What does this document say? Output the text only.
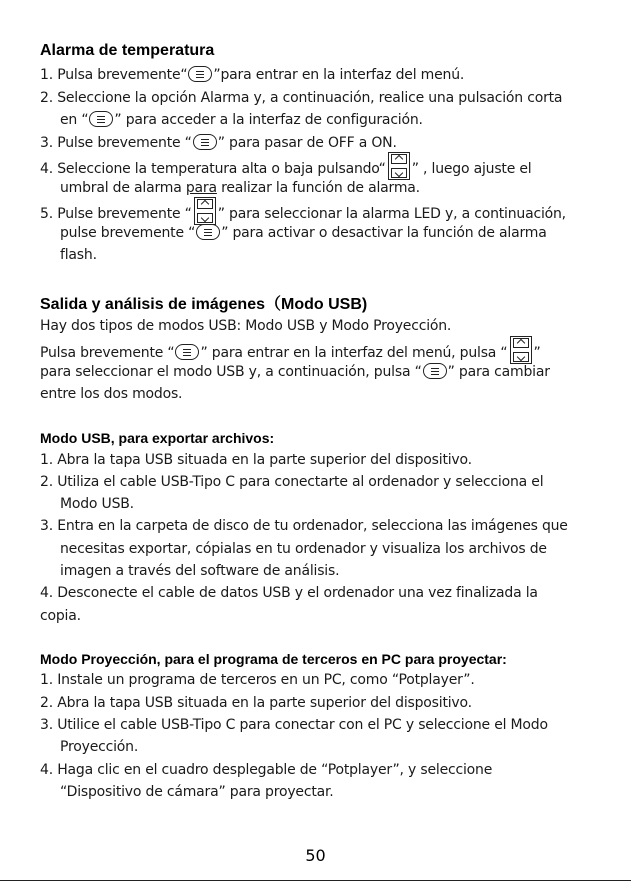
Alarma de temperatura
1. Pulsa brevemente“ ”para entrar en la interfaz del menú.
2. Seleccione la opción Alarma y, a continuación, realice una pulsación corta
en “ ” para acceder a la interfaz de configuración.
3. Pulse brevemente “ ” para pasar de OFF a ON.
4. Seleccione la temperatura alta o baja pulsando“ ” , luego ajuste el
umbral de alarma para realizar la función de alarma.
5. Pulse brevemente “ ” para seleccionar la alarma LED y, a continuación,
pulse brevemente “ ” para activar o desactivar la función de alarma
flash.
Salida y análisis de imágenes（Modo USB)
Hay dos tipos de modos USB: Modo USB y Modo Proyección.
Pulsa brevemente “ ” para entrar en la interfaz del menú, pulsa “ ”
para seleccionar el modo USB y, a continuación, pulsa “ ” para cambiar
entre los dos modos.
Modo USB, para exportar archivos:
1. Abra la tapa USB situada en la parte superior del dispositivo.
2. Utiliza el cable USB-Tipo C para conectarte al ordenador y selecciona el
Modo USB.
3. Entra en la carpeta de disco de tu ordenador, selecciona las imágenes que
necesitas exportar, cópialas en tu ordenador y visualiza los archivos de
imagen a través del software de análisis.
4. Desconecte el cable de datos USB y el ordenador una vez finalizada la
copia.
Modo Proyección, para el programa de terceros en PC para proyectar:
1. Instale un programa de terceros en un PC, como “Potplayer”.
2. Abra la tapa USB situada en la parte superior del dispositivo.
3. Utilice el cable USB-Tipo C para conectar con el PC y seleccione el Modo
Proyección.
4. Haga clic en el cuadro desplegable de “Potplayer”, y seleccione
“Dispositivo de cámara” para proyectar.
50
